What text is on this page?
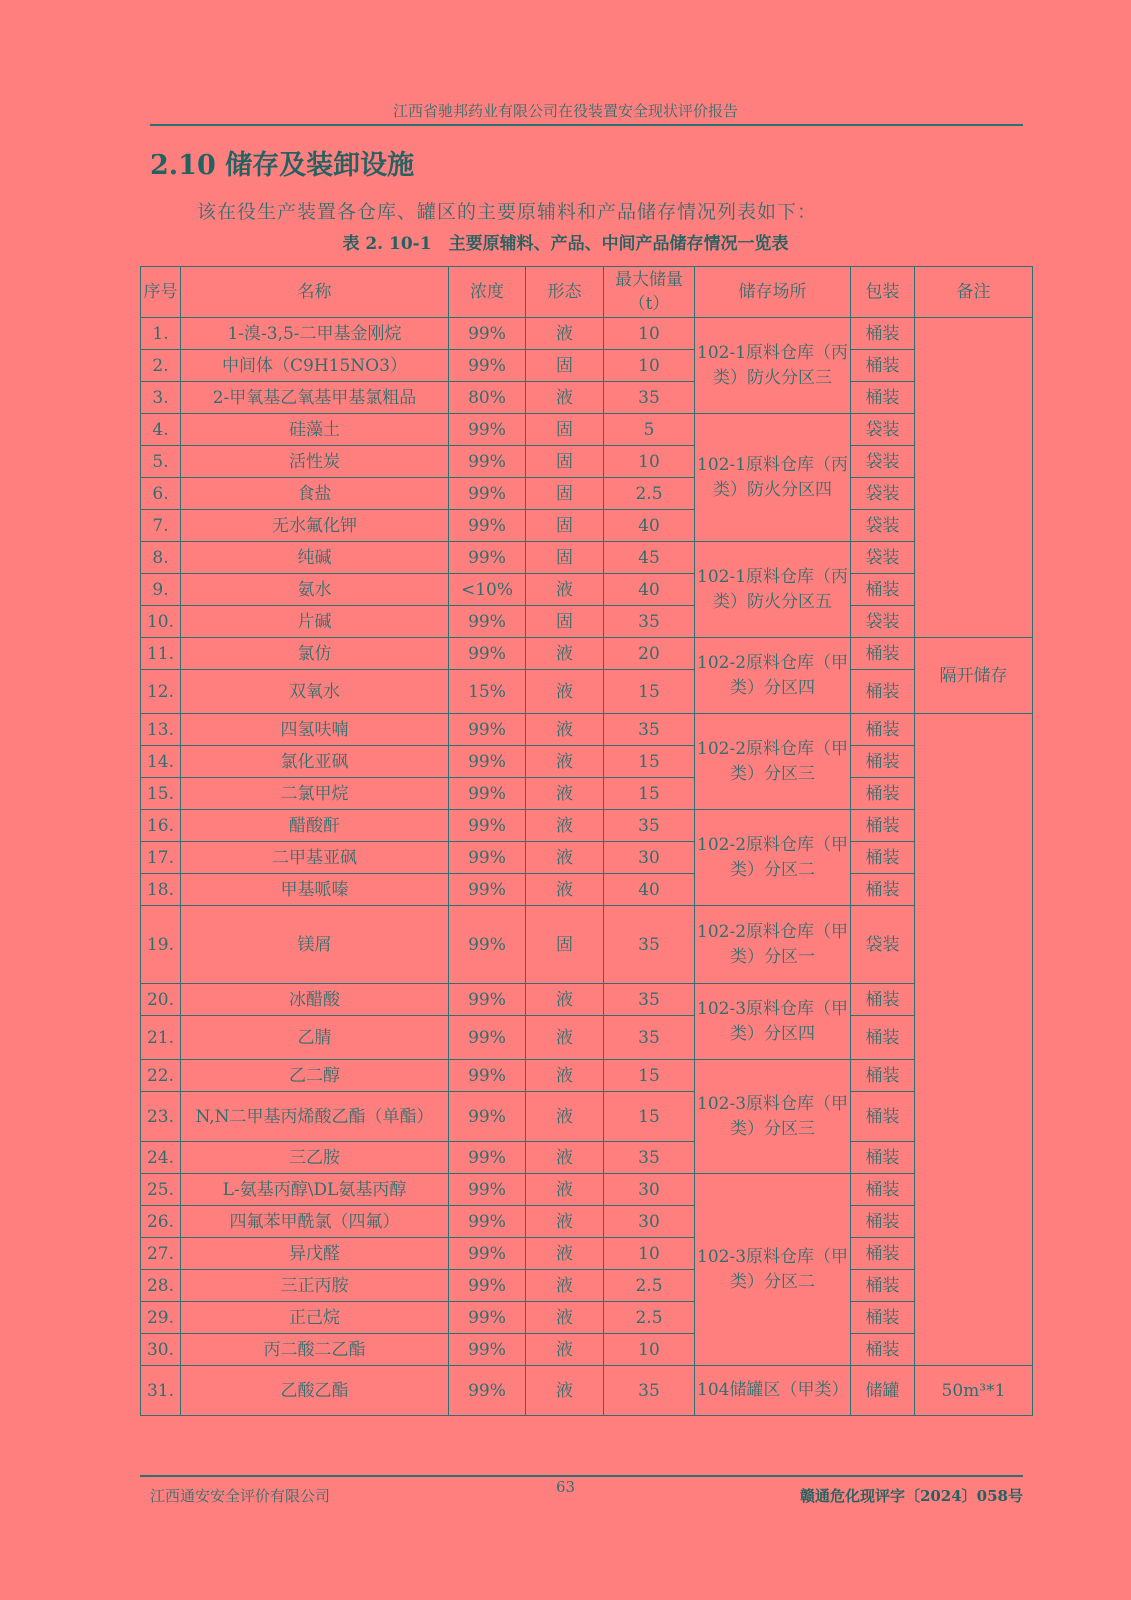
江西省驰邦药业有限公司在役装置安全现状评价报告
2.10 储存及装卸设施
该在役生产装置各仓库、罐区的主要原辅料和产品储存情况列表如下：
表 2. 10-1　主要原辅料、产品、中间产品储存情况一览表
序号	名称	浓度	形态	最大储量（t）	储存场所	包装	备注
1.	1-溴-3,5-二甲基金刚烷	99%	液	10	102-1原料仓库（丙类）防火分区三	桶装	
2.	中间体（C9H15NO3）	99%	固	10		桶装	
3.	2-甲氧基乙氧基甲基氯粗品	80%	液	35		桶装	
4.	硅藻土	99%	固	5	102-1原料仓库（丙类）防火分区四	袋装	
5.	活性炭	99%	固	10		袋装	
6.	食盐	99%	固	2.5		袋装	
7.	无水氟化钾	99%	固	40		袋装	
8.	纯碱	99%	固	45	102-1原料仓库（丙类）防火分区五	袋装	
9.	氨水	<10%	液	40		桶装	
10.	片碱	99%	固	35		袋装	
11.	氯仿	99%	液	20	102-2原料仓库（甲类）分区四	桶装	隔开储存
12.	双氧水	15%	液	15		桶装	
13.	四氢呋喃	99%	液	35	102-2原料仓库（甲类）分区三	桶装	
14.	氯化亚砜	99%	液	15		桶装	
15.	二氯甲烷	99%	液	15		桶装	
16.	醋酸酐	99%	液	35	102-2原料仓库（甲类）分区二	桶装	
17.	二甲基亚砜	99%	液	30		桶装	
18.	甲基哌嗪	99%	液	40		桶装	
19.	镁屑	99%	固	35	102-2原料仓库（甲类）分区一	袋装	
20.	冰醋酸	99%	液	35	102-3原料仓库（甲类）分区四	桶装	
21.	乙腈	99%	液	35		桶装	
22.	乙二醇	99%	液	15	102-3原料仓库（甲类）分区三	桶装	
23.	N,N二甲基丙烯酸乙酯（单酯）	99%	液	15		桶装	
24.	三乙胺	99%	液	35		桶装	
25.	L-氨基丙醇\DL氨基丙醇	99%	液	30	102-3原料仓库（甲类）分区二	桶装	
26.	四氟苯甲酰氯（四氟）	99%	液	30		桶装	
27.	异戊醛	99%	液	10		桶装	
28.	三正丙胺	99%	液	2.5		桶装	
29.	正己烷	99%	液	2.5		桶装	
30.	丙二酸二乙酯	99%	液	10		桶装	
31.	乙酸乙酯	99%	液	35	104储罐区（甲类）	储罐	50m³*1
江西通安安全评价有限公司	63	赣通危化现评字〔2024〕058号
